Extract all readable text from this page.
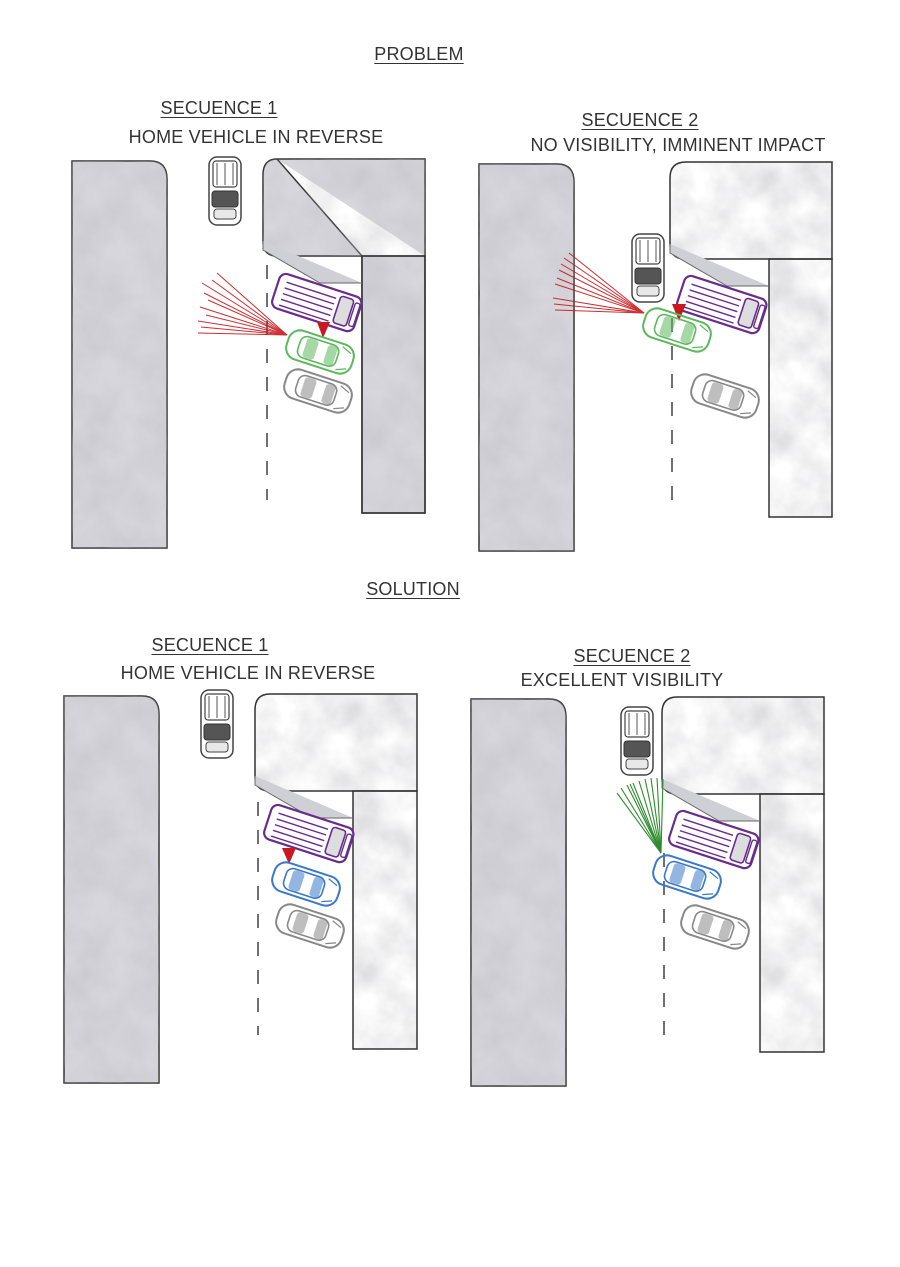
PROBLEM
SECUENCE 1
HOME VEHICLE IN REVERSE
SECUENCE 2
NO VISIBILITY, IMMINENT IMPACT
SOLUTION
SECUENCE 1
HOME VEHICLE IN REVERSE
SECUENCE 2
EXCELLENT VISIBILITY
